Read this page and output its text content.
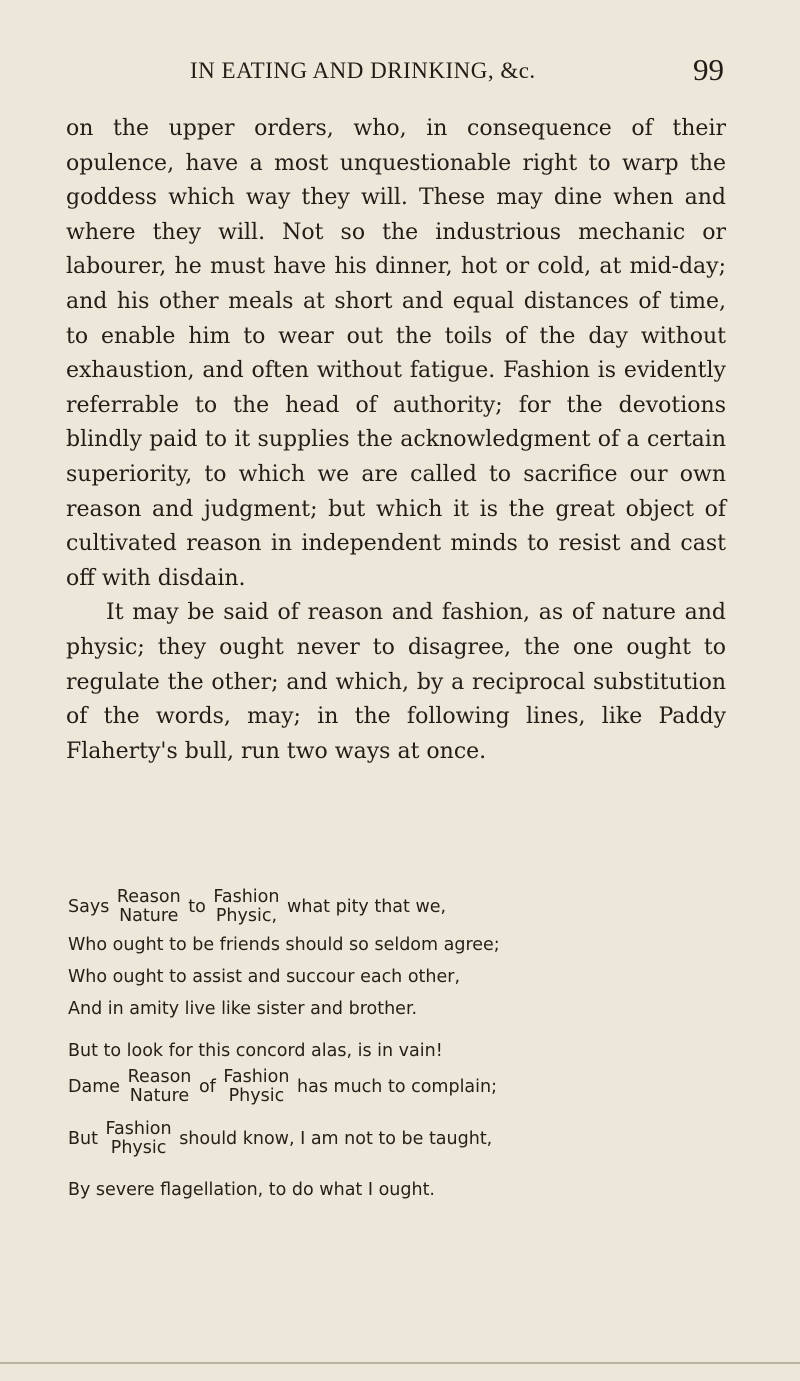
IN EATING AND DRINKING, &c.	99

on the upper orders, who, in consequence of their opulence, have a most unquestionable right to warp the goddess which way they will. These may dine when and where they will. Not so the industrious mechanic or labourer, he must have his dinner, hot or cold, at mid-day; and his other meals at short and equal distances of time, to enable him to wear out the toils of the day without exhaustion, and often without fatigue. Fashion is evidently referrable to the head of authority; for the devotions blindly paid to it supplies the acknowledgment of a certain superiority, to which we are called to sacrifice our own reason and judgment; but which it is the great object of cultivated reason in independent minds to resist and cast off with disdain.

It may be said of reason and fashion, as of nature and physic; they ought never to disagree, the one ought to regulate the other; and which, by a reciprocal substitution of the words, may; in the following lines, like Paddy Flaherty's bull, run two ways at once.

Says Reason
Nature to Fashion
Physic, what pity that we,
Who ought to be friends should so seldom agree;
Who ought to assist and succour each other,
And in amity live like sister and brother.
But to look for this concord alas, is in vain!
Dame Reason
Nature of Fashion
Physic has much to complain;
But Fashion
Physic should know, I am not to be taught,
By severe flagellation, to do what I ought.
